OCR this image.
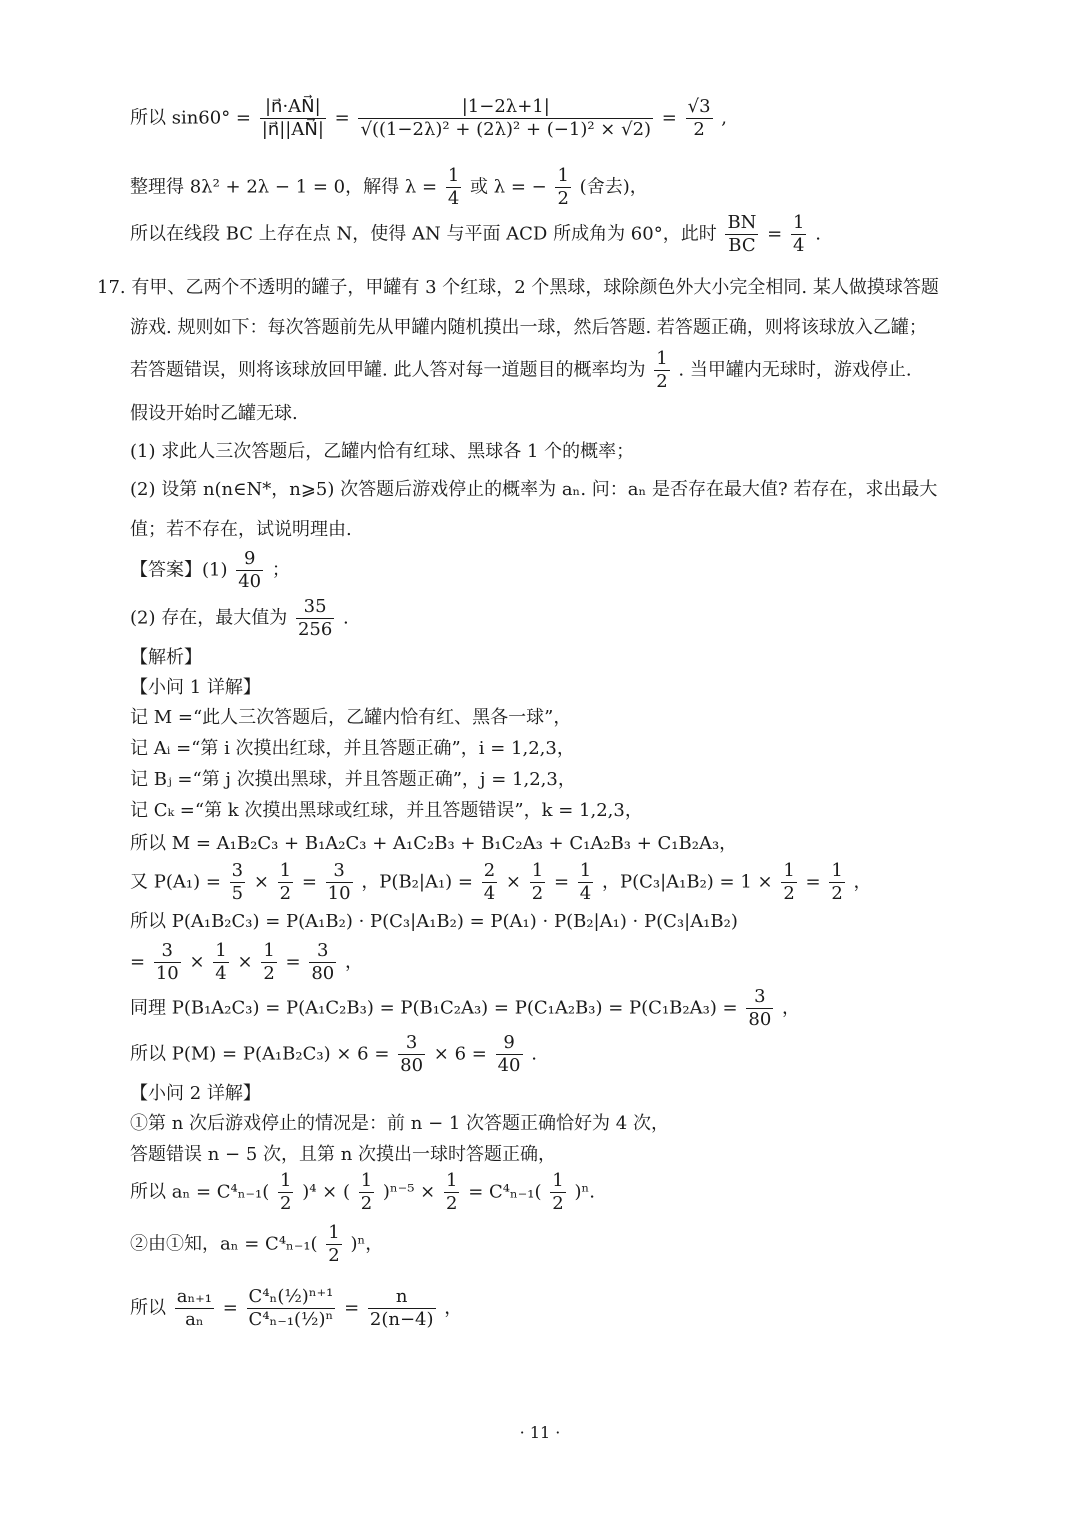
所以 $\sin 60^\circ = \frac{|n⃗\cdot AN⃗|}{|n⃗||AN⃗|} = \frac{|1-2\lambda+1|}{\text{√((1−2λ)² + (2λ)² + (−1)² × √2)}} = \frac{√3}{2}$ ,
整理得 8λ² + 2λ − 1 = 0，解得 $\lambda = \frac{1}{4}$ 或 λ = − $\frac{1}{2}$ (舍去)，
所以在线段 BC 上存在点 N，使得 AN 与平面 ACD 所成角为 60°，此时 $\frac{BN}{BC} = \frac{1}{4}$ .
17. 有甲、乙两个不透明的罐子，甲罐有 3 个红球，2 个黑球，球除颜色外大小完全相同. 某人做摸球答题
游戏. 规则如下：每次答题前先从甲罐内随机摸出一球，然后答题. 若答题正确，则将该球放入乙罐；
若答题错误，则将该球放回甲罐. 此人答对每一道题目的概率均为 $\frac{1}{2}$ . 当甲罐内无球时，游戏停止.
假设开始时乙罐无球.
(1) 求此人三次答题后，乙罐内恰有红球、黑球各 1 个的概率；
(2) 设第 n(n∈N*，n⩾5) 次答题后游戏停止的概率为 aₙ. 问：aₙ 是否存在最大值? 若存在，求出最大
值；若不存在，试说明理由.
【答案】$(1) \frac{9}{40}$ ；
(2) 存在，最大值为 $\frac{35}{256}$ .
【解析】
【小问 1 详解】
记 M =“此人三次答题后，乙罐内恰有红、黑各一球”，
记 Aᵢ =“第 i 次摸出红球，并且答题正确”，i = 1,2,3，
记 Bⱼ =“第 j 次摸出黑球，并且答题正确”，j = 1,2,3，
记 Cₖ =“第 k 次摸出黑球或红球，并且答题错误”，k = 1,2,3，
所以 M = A₁B₂C₃ + B₁A₂C₃ + A₁C₂B₃ + B₁C₂A₃ + C₁A₂B₃ + C₁B₂A₃，
又 $P(A_1) = \frac{3}{5} \times \frac{1}{2} = \frac{3}{10}$ ，$P(B_2|A_1) = \frac{2}{4} \times \frac{1}{2} = \frac{1}{4}$ ，$P(C_3|A_1B_2) = 1 \times \frac{1}{2} = \frac{1}{2}$ ，
所以 P(A₁B₂C₃) = P(A₁B₂) · P(C₃|A₁B₂) = P(A₁) · P(B₂|A₁) · P(C₃|A₁B₂)
= $\frac{3}{10} \times \frac{1}{4} \times \frac{1}{2} = \frac{3}{80}$ ，
同理 $P(B_1A_2C_3) = P(A_1C_2B_3) = P(B_1C_2A_3) = P(C_1A_2B_3) = P(C_1B_2A_3) = \frac{3}{80}$ ，
所以 $P(M) = P(A_1B_2C_3) \times 6 = \frac{3}{80} \times 6 = \frac{9}{40}$ .
【小问 2 详解】
①第 n 次后游戏停止的情况是：前 n − 1 次答题正确恰好为 4 次，
答题错误 n − 5 次，且第 n 次摸出一球时答题正确，
所以 $a_n = C^4_{n-1}( \frac{1}{2} )^4$ × ( $\frac{1}{2} )^{n-5} \times \frac{1}{2} = C^4_{n-1}( \frac{1}{2} )^n$.
②由①知，$a_n = C^4_{n-1}( \frac{1}{2} )^n$，
所以 $\frac{\text{aₙ₊₁}}{\text{aₙ}} = \frac{\text{C⁴ₙ(½)ⁿ⁺¹}}{\text{C⁴ₙ₋₁(½)ⁿ}} = \frac{n}{2(n-4)}$ ，
· 11 ·
